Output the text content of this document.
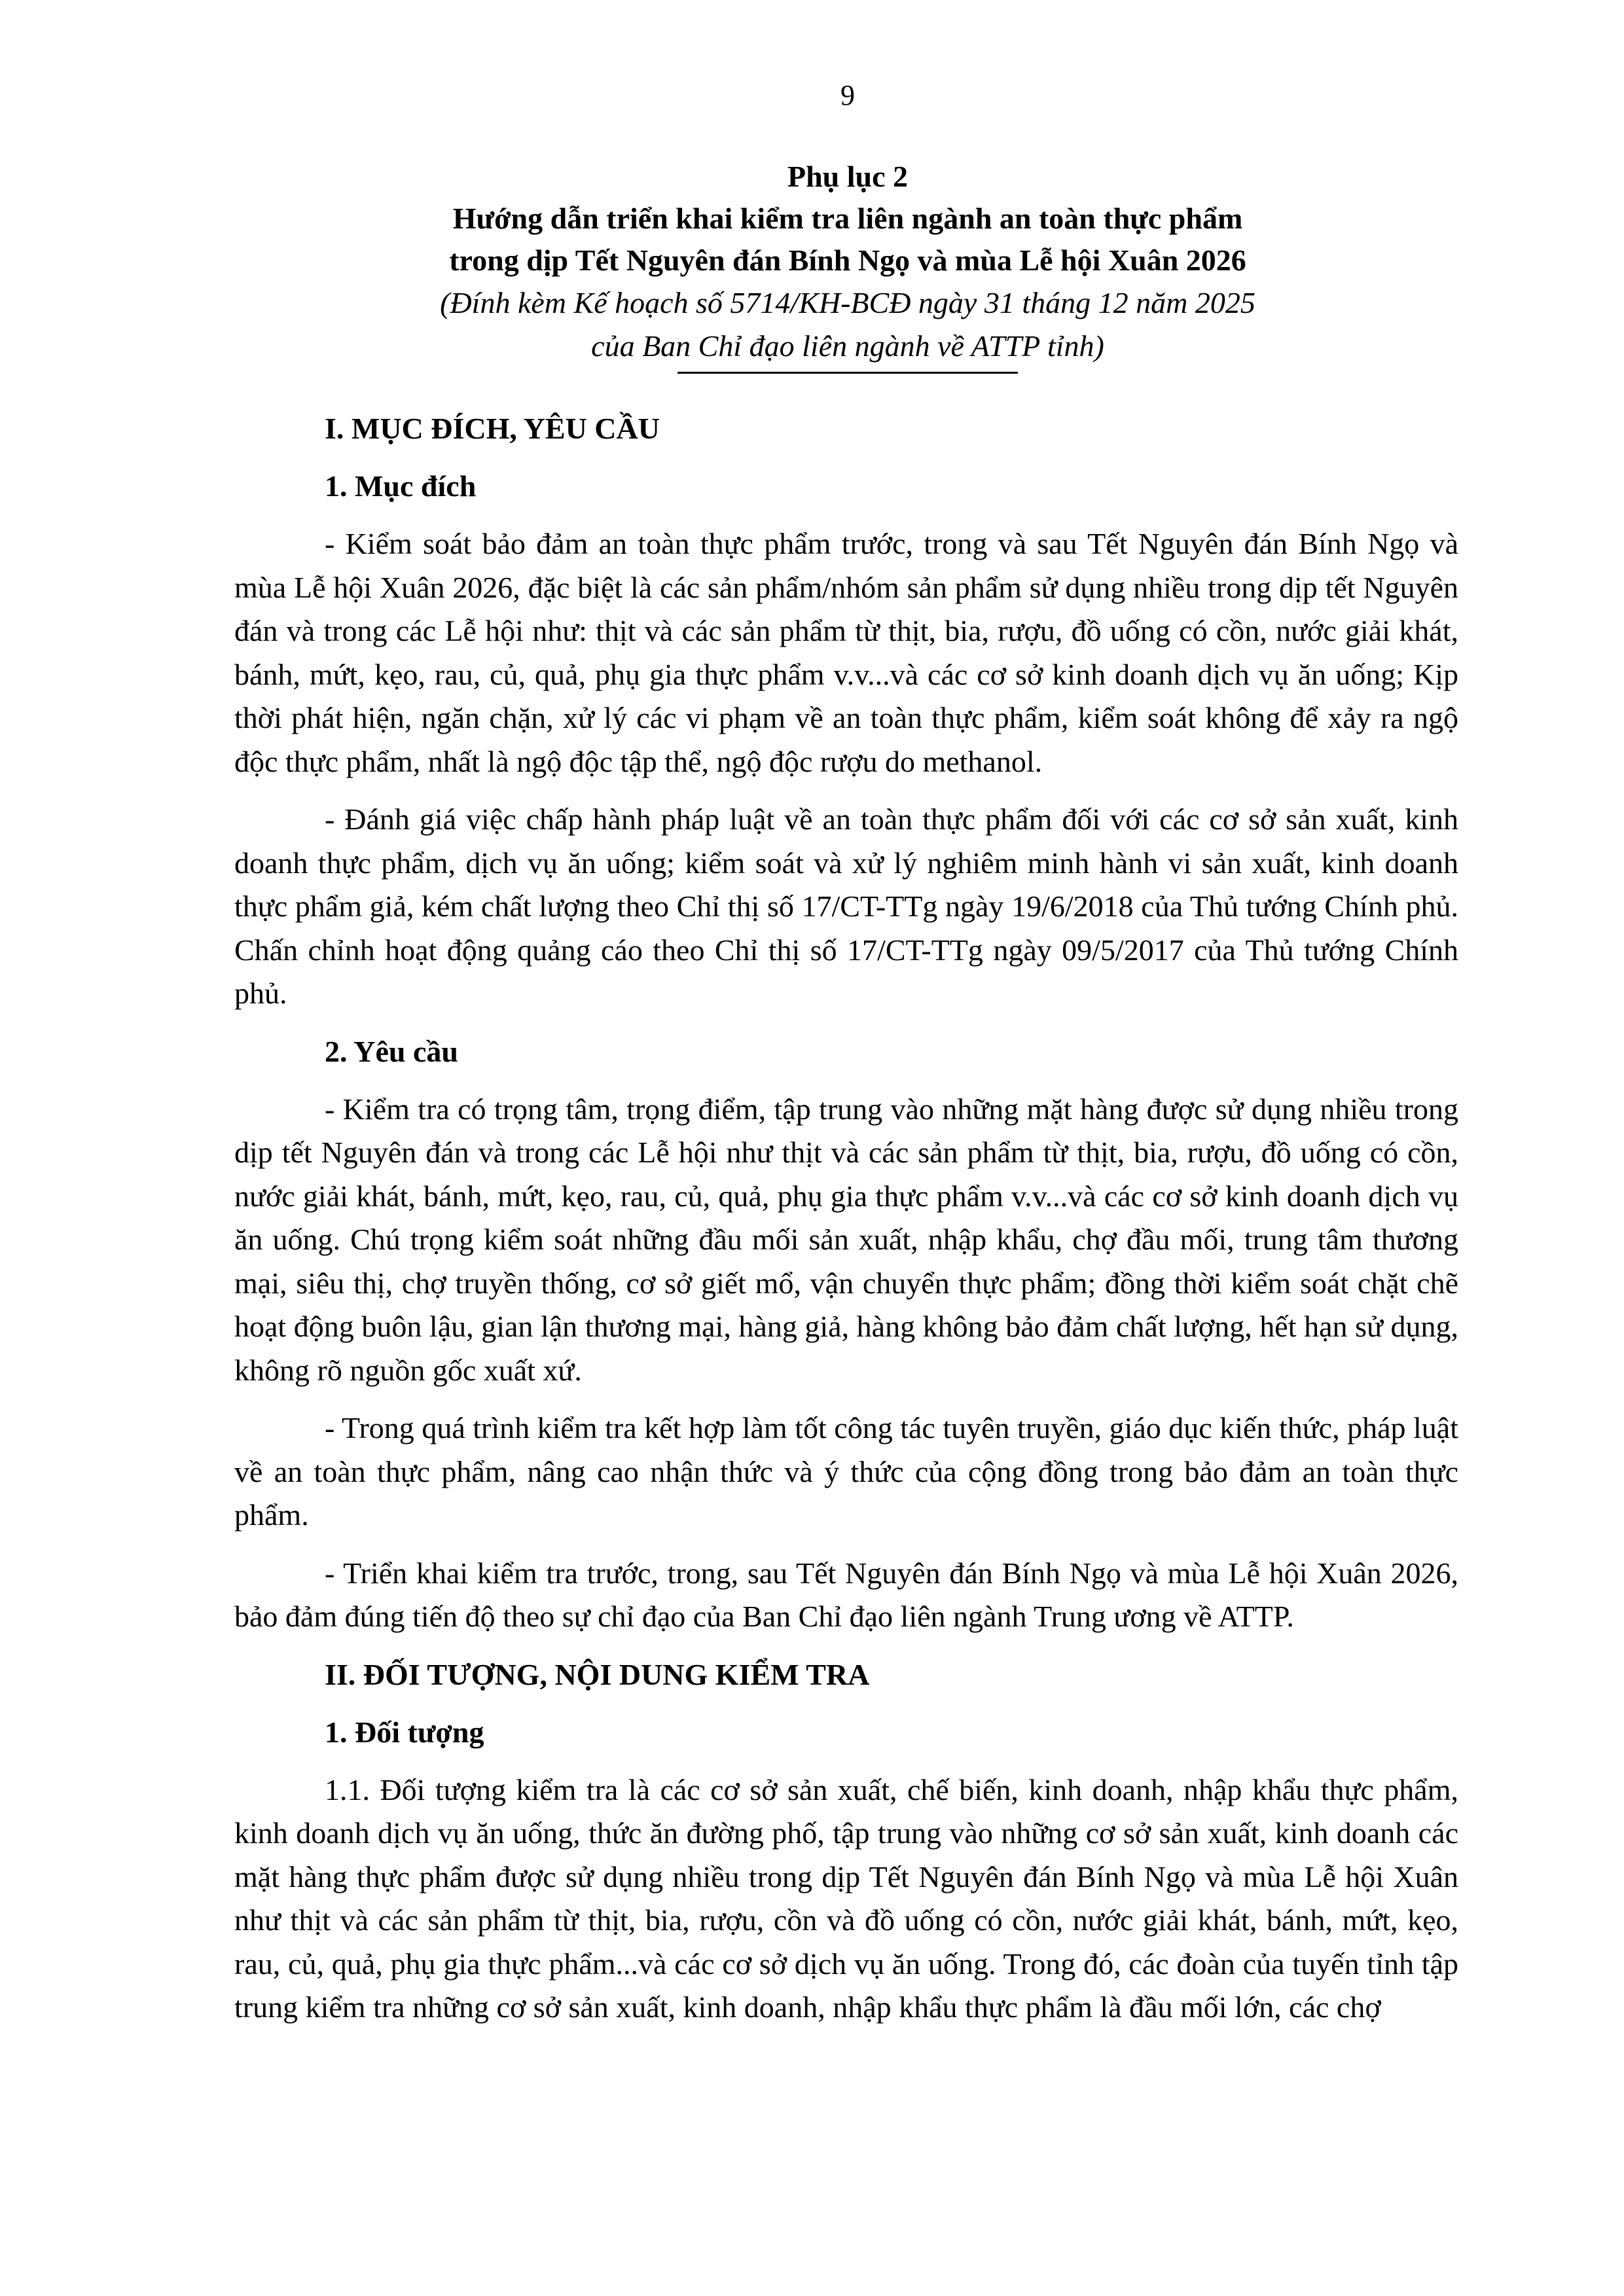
9
Phụ lục 2
Hướng dẫn triển khai kiểm tra liên ngành an toàn thực phẩm
trong dịp Tết Nguyên đán Bính Ngọ và mùa Lễ hội Xuân 2026
(Đính kèm Kế hoạch số 5714/KH-BCĐ ngày 31 tháng 12 năm 2025
của Ban Chỉ đạo liên ngành về ATTP tỉnh)
I. MỤC ĐÍCH, YÊU CẦU
1. Mục đích

- Kiểm soát bảo đảm an toàn thực phẩm trước, trong và sau Tết Nguyên đán Bính Ngọ và mùa Lễ hội Xuân 2026, đặc biệt là các sản phẩm/nhóm sản phẩm sử dụng nhiều trong dịp tết Nguyên đán và trong các Lễ hội như: thịt và các sản phẩm từ thịt, bia, rượu, đồ uống có cồn, nước giải khát, bánh, mứt, kẹo, rau, củ, quả, phụ gia thực phẩm v.v...và các cơ sở kinh doanh dịch vụ ăn uống; Kịp thời phát hiện, ngăn chặn, xử lý các vi phạm về an toàn thực phẩm, kiểm soát không để xảy ra ngộ độc thực phẩm, nhất là ngộ độc tập thể, ngộ độc rượu do methanol.

- Đánh giá việc chấp hành pháp luật về an toàn thực phẩm đối với các cơ sở sản xuất, kinh doanh thực phẩm, dịch vụ ăn uống; kiểm soát và xử lý nghiêm minh hành vi sản xuất, kinh doanh thực phẩm giả, kém chất lượng theo Chỉ thị số 17/CT-TTg ngày 19/6/2018 của Thủ tướng Chính phủ. Chấn chỉnh hoạt động quảng cáo theo Chỉ thị số 17/CT-TTg ngày 09/5/2017 của Thủ tướng Chính phủ.

2. Yêu cầu

- Kiểm tra có trọng tâm, trọng điểm, tập trung vào những mặt hàng được sử dụng nhiều trong dịp tết Nguyên đán và trong các Lễ hội như thịt và các sản phẩm từ thịt, bia, rượu, đồ uống có cồn, nước giải khát, bánh, mứt, kẹo, rau, củ, quả, phụ gia thực phẩm v.v...và các cơ sở kinh doanh dịch vụ ăn uống. Chú trọng kiểm soát những đầu mối sản xuất, nhập khẩu, chợ đầu mối, trung tâm thương mại, siêu thị, chợ truyền thống, cơ sở giết mổ, vận chuyển thực phẩm; đồng thời kiểm soát chặt chẽ hoạt động buôn lậu, gian lận thương mại, hàng giả, hàng không bảo đảm chất lượng, hết hạn sử dụng, không rõ nguồn gốc xuất xứ.

- Trong quá trình kiểm tra kết hợp làm tốt công tác tuyên truyền, giáo dục kiến thức, pháp luật về an toàn thực phẩm, nâng cao nhận thức và ý thức của cộng đồng trong bảo đảm an toàn thực phẩm.

- Triển khai kiểm tra trước, trong, sau Tết Nguyên đán Bính Ngọ và mùa Lễ hội Xuân 2026, bảo đảm đúng tiến độ theo sự chỉ đạo của Ban Chỉ đạo liên ngành Trung ương về ATTP.

II. ĐỐI TƯỢNG, NỘI DUNG KIỂM TRA
1. Đối tượng

1.1. Đối tượng kiểm tra là các cơ sở sản xuất, chế biến, kinh doanh, nhập khẩu thực phẩm, kinh doanh dịch vụ ăn uống, thức ăn đường phố, tập trung vào những cơ sở sản xuất, kinh doanh các mặt hàng thực phẩm được sử dụng nhiều trong dịp Tết Nguyên đán Bính Ngọ và mùa Lễ hội Xuân như thịt và các sản phẩm từ thịt, bia, rượu, cồn và đồ uống có cồn, nước giải khát, bánh, mứt, kẹo, rau, củ, quả, phụ gia thực phẩm...và các cơ sở dịch vụ ăn uống. Trong đó, các đoàn của tuyến tỉnh tập trung kiểm tra những cơ sở sản xuất, kinh doanh, nhập khẩu thực phẩm là đầu mối lớn, các chợ
